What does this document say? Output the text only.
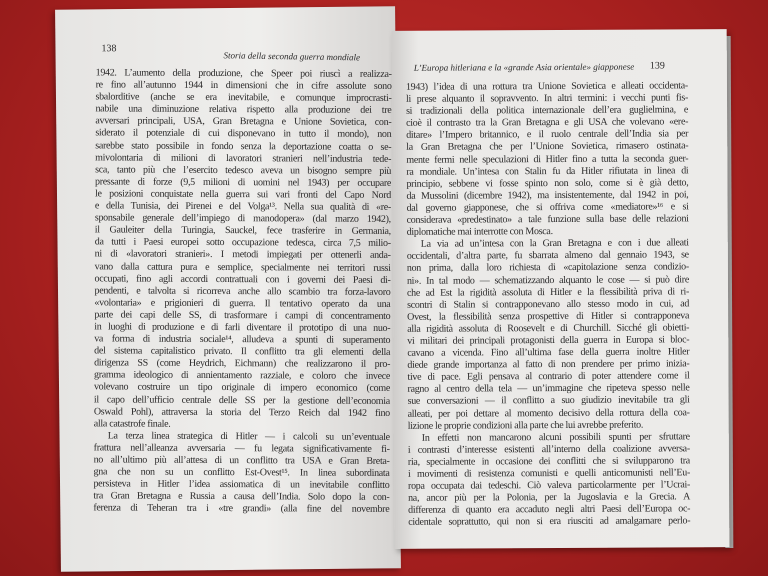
138
Storia della seconda guerra mondiale
1942. L’aumento della produzione, che Speer poi riuscì a realizza-
re fino all’autunno 1944 in dimensioni che in cifre assolute sono
sbalorditive (anche se era inevitabile, e comunque improcrasti-
nabile una diminuzione relativa rispetto alla produzione dei tre
avversari principali, USA, Gran Bretagna e Unione Sovietica, con-
siderato il potenziale di cui disponevano in tutto il mondo), non
sarebbe stato possibile in fondo senza la deportazione coatta o se-
mivolontaria di milioni di lavoratori stranieri nell’industria tede-
sca, tanto più che l’esercito tedesco aveva un bisogno sempre più
pressante di forze (9,5 milioni di uomini nel 1943) per occupare
le posizioni conquistate nella guerra sui vari fronti del Capo Nord
e della Tunisia, dei Pirenei e del Volga¹³. Nella sua qualità di «re-
sponsabile generale dell’impiego di manodopera» (dal marzo 1942),
il Gauleiter della Turingia, Sauckel, fece trasferire in Germania,
da tutti i Paesi europei sotto occupazione tedesca, circa 7,5 milio-
ni di «lavoratori stranieri». I metodi impiegati per ottenerli anda-
vano dalla cattura pura e semplice, specialmente nei territori russi
occupati, fino agli accordi contrattuali con i governi dei Paesi di-
pendenti, e talvolta si ricorreva anche allo scambio tra forza-lavoro
«volontaria» e prigionieri di guerra. Il tentativo operato da una
parte dei capi delle SS, di trasformare i campi di concentramento
in luoghi di produzione e di farli diventare il prototipo di una nuo-
va forma di industria sociale¹⁴, alludeva a spunti di superamento
del sistema capitalistico privato. Il conflitto tra gli elementi della
dirigenza SS (come Heydrich, Eichmann) che realizzarono il pro-
gramma ideologico di annientamento razziale, e coloro che invece
volevano costruire un tipo originale di impero economico (come
il capo dell’ufficio centrale delle SS per la gestione dell’economia
Oswald Pohl), attraversa la storia del Terzo Reich dal 1942 fino
alla catastrofe finale.
La terza linea strategica di Hitler — i calcoli su un’eventuale
frattura nell’alleanza avversaria — fu legata significativamente fi-
no all’ultimo più all’attesa di un conflitto tra USA e Gran Breta-
gna che non su un conflitto Est-Ovest¹⁵. In linea subordinata
persisteva in Hitler l’idea assiomatica di un inevitabile conflitto
tra Gran Bretagna e Russia a causa dell’India. Solo dopo la con-
ferenza di Teheran tra i «tre grandi» (alla fine del novembre
L’Europa hitleriana e la «grande Asia orientale» giapponese 139
1943) l’idea di una rottura tra Unione Sovietica e alleati occidenta-
li prese alquanto il sopravvento. In altri termini: i vecchi punti fis-
si tradizionali della politica internazionale dell’era guglielmina, e
cioè il contrasto tra la Gran Bretagna e gli USA che volevano «ere-
ditare» l’Impero britannico, e il ruolo centrale dell’India sia per
la Gran Bretagna che per l’Unione Sovietica, rimasero ostinata-
mente fermi nelle speculazioni di Hitler fino a tutta la seconda guer-
ra mondiale. Un’intesa con Stalin fu da Hitler rifiutata in linea di
principio, sebbene vi fosse spinto non solo, come si è già detto,
da Mussolini (dicembre 1942), ma insistentemente, dal 1942 in poi,
dal governo giapponese, che si offriva come «mediatore»¹⁶ e si
considerava «predestinato» a tale funzione sulla base delle relazioni
diplomatiche mai interrotte con Mosca.
La via ad un’intesa con la Gran Bretagna e con i due alleati
occidentali, d’altra parte, fu sbarrata almeno dal gennaio 1943, se
non prima, dalla loro richiesta di «capitolazione senza condizio-
ni». In tal modo — schematizzando alquanto le cose — si può dire
che ad Est la rigidità assoluta di Hitler e la flessibilità priva di ri-
scontri di Stalin si contrapponevano allo stesso modo in cui, ad
Ovest, la flessibilità senza prospettive di Hitler si contrapponeva
alla rigidità assoluta di Roosevelt e di Churchill. Sicché gli obietti-
vi militari dei principali protagonisti della guerra in Europa si bloc-
cavano a vicenda. Fino all’ultima fase della guerra inoltre Hitler
diede grande importanza al fatto di non prendere per primo inizia-
tive di pace. Egli pensava al contrario di poter attendere come il
ragno al centro della tela — un’immagine che ripeteva spesso nelle
sue conversazioni — il conflitto a suo giudizio inevitabile tra gli
alleati, per poi dettare al momento decisivo della rottura della coa-
lizione le proprie condizioni alla parte che lui avrebbe preferito.
In effetti non mancarono alcuni possibili spunti per sfruttare
i contrasti d’interesse esistenti all’interno della coalizione avversa-
ria, specialmente in occasione dei conflitti che si svilupparono tra
i movimenti di resistenza comunisti e quelli anticomunisti nell’Eu-
ropa occupata dai tedeschi. Ciò valeva particolarmente per l’Ucrai-
na, ancor più per la Polonia, per la Jugoslavia e la Grecia. A
differenza di quanto era accaduto negli altri Paesi dell’Europa oc-
cidentale soprattutto, qui non si era riusciti ad amalgamare perlo-
